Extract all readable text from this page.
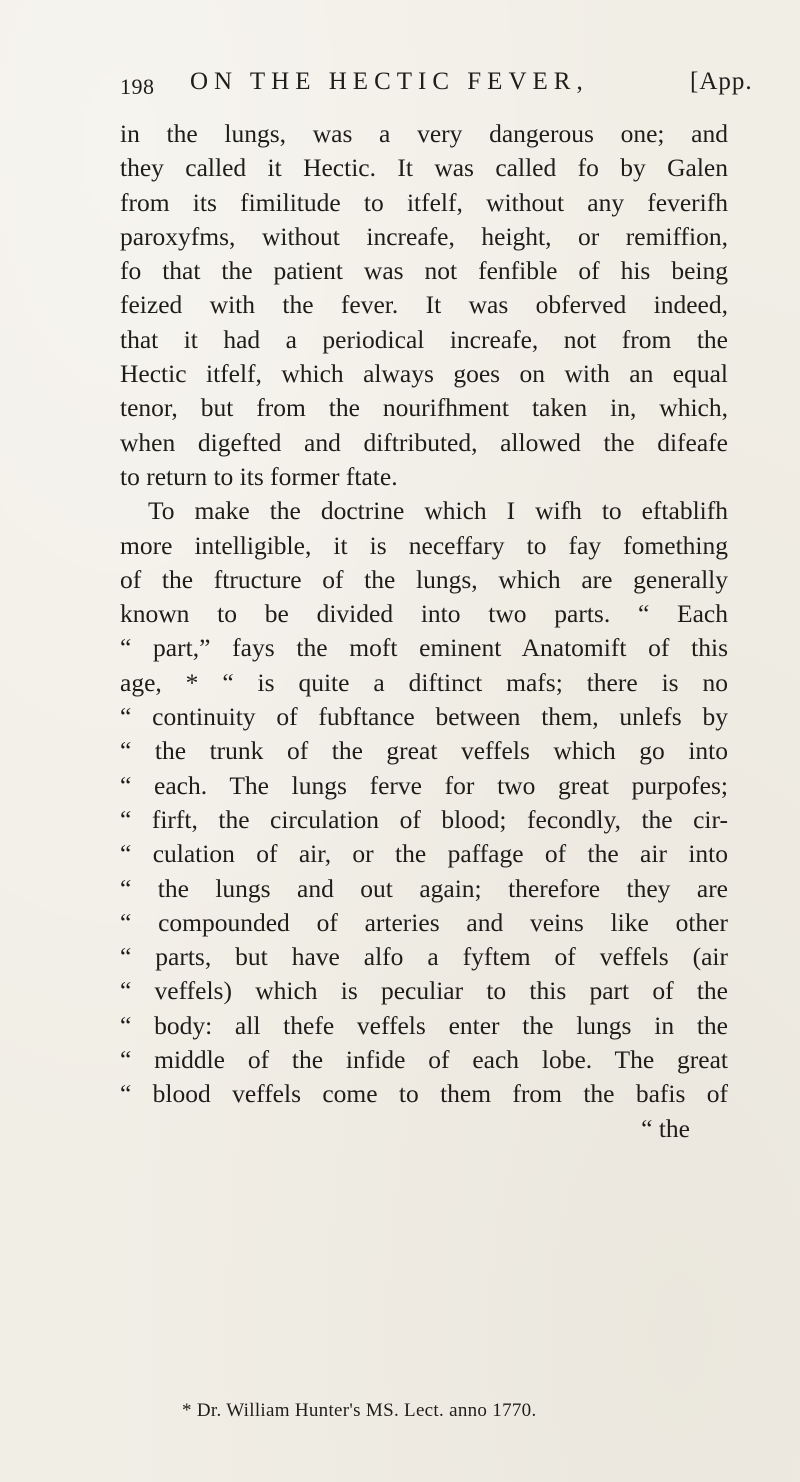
198 ON THE HECTIC FEVER,	[App.
in the lungs, was a very dangerous one; and
they called it Hectic. It was called fo by Galen
from its fimilitude to itfelf, without any feverifh
paroxyfms, without increafe, height, or remiffion,
fo that the patient was not fenfible of his being
feized with the fever. It was obferved indeed,
that it had a periodical increafe, not from the
Hectic itfelf, which always goes on with an equal
tenor, but from the nourifhment taken in, which,
when digefted and diftributed, allowed the difeafe
to return to its former ftate.
To make the doctrine which I wifh to eftablifh
more intelligible, it is neceffary to fay fomething
of the ftructure of the lungs, which are generally
known to be divided into two parts. “ Each
“ part,” fays the moft eminent Anatomift of this
age, * “ is quite a diftinct mafs; there is no
“ continuity of fubftance between them, unlefs by
“ the trunk of the great veffels which go into
“ each. The lungs ferve for two great purpofes;
“ firft, the circulation of blood; fecondly, the cir-
“ culation of air, or the paffage of the air into
“ the lungs and out again; therefore they are
“ compounded of arteries and veins like other
“ parts, but have alfo a fyftem of veffels (air
“ veffels) which is peculiar to this part of the
“ body: all thefe veffels enter the lungs in the
“ middle of the infide of each lobe. The great
“ blood veffels come to them from the bafis of
“ the
* Dr. William Hunter's MS. Lect. anno 1770.
